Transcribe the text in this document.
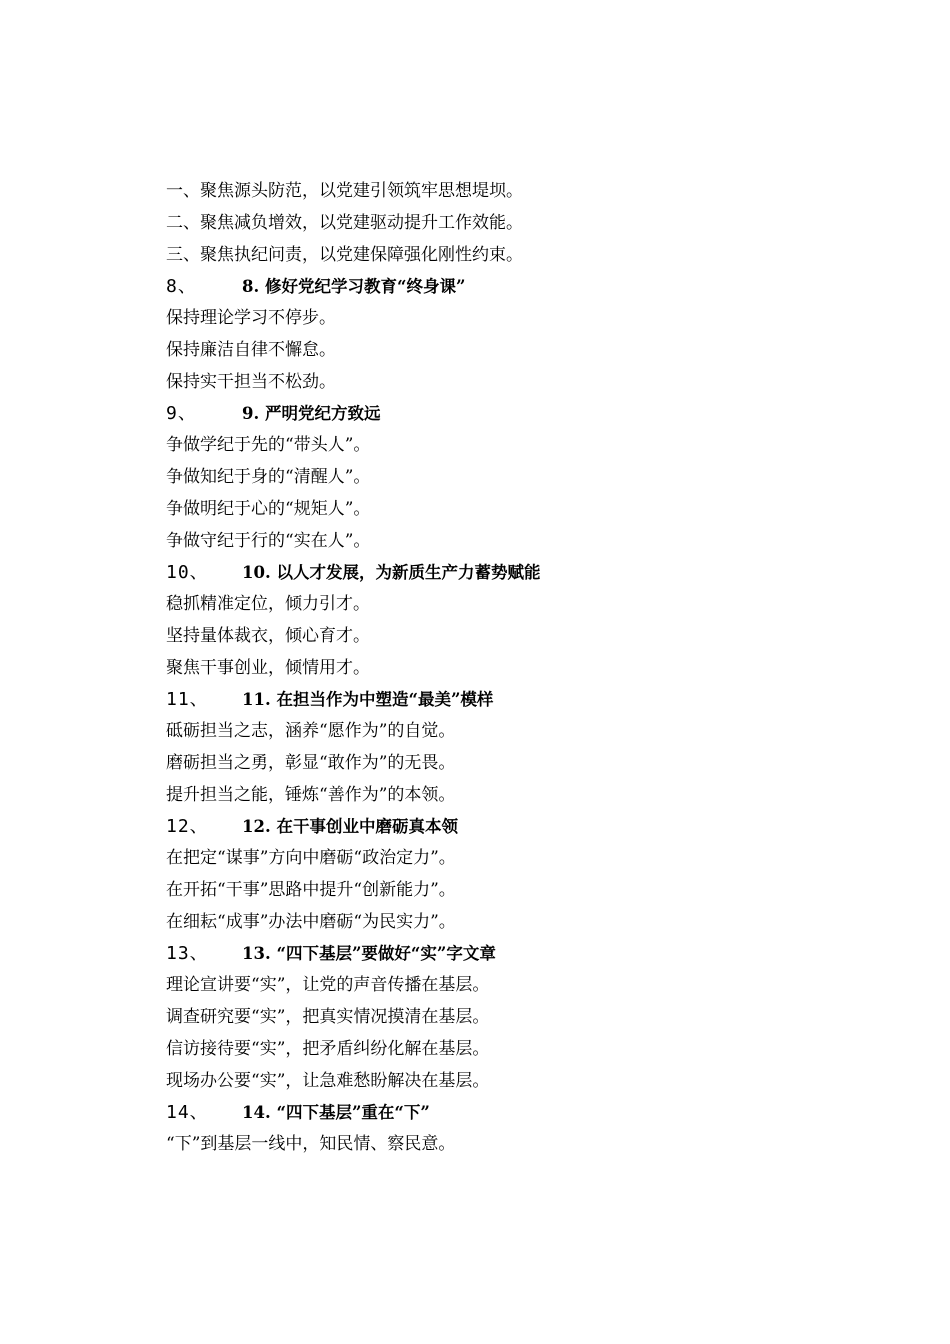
一、聚焦源头防范，以党建引领筑牢思想堤坝。
二、聚焦减负增效，以党建驱动提升工作效能。
三、聚焦执纪问责，以党建保障强化刚性约束。
8、	8. 修好党纪学习教育“终身课”
保持理论学习不停步。
保持廉洁自律不懈怠。
保持实干担当不松劲。
9、	9. 严明党纪方致远
争做学纪于先的“带头人”。
争做知纪于身的“清醒人”。
争做明纪于心的“规矩人”。
争做守纪于行的“实在人”。
10、	10. 以人才发展，为新质生产力蓄势赋能
稳抓精准定位，倾力引才。
坚持量体裁衣，倾心育才。
聚焦干事创业，倾情用才。
11、	11. 在担当作为中塑造“最美”模样
砥砺担当之志，涵养“愿作为”的自觉。
磨砺担当之勇，彰显“敢作为”的无畏。
提升担当之能，锤炼“善作为”的本领。
12、	12. 在干事创业中磨砺真本领
在把定“谋事”方向中磨砺“政治定力”。
在开拓“干事”思路中提升“创新能力”。
在细耘“成事”办法中磨砺“为民实力”。
13、	13. “四下基层”要做好“实”字文章
理论宣讲要“实”，让党的声音传播在基层。
调查研究要“实”，把真实情况摸清在基层。
信访接待要“实”，把矛盾纠纷化解在基层。
现场办公要“实”，让急难愁盼解决在基层。
14、	14. “四下基层”重在“下”
“下”到基层一线中，知民情、察民意。
